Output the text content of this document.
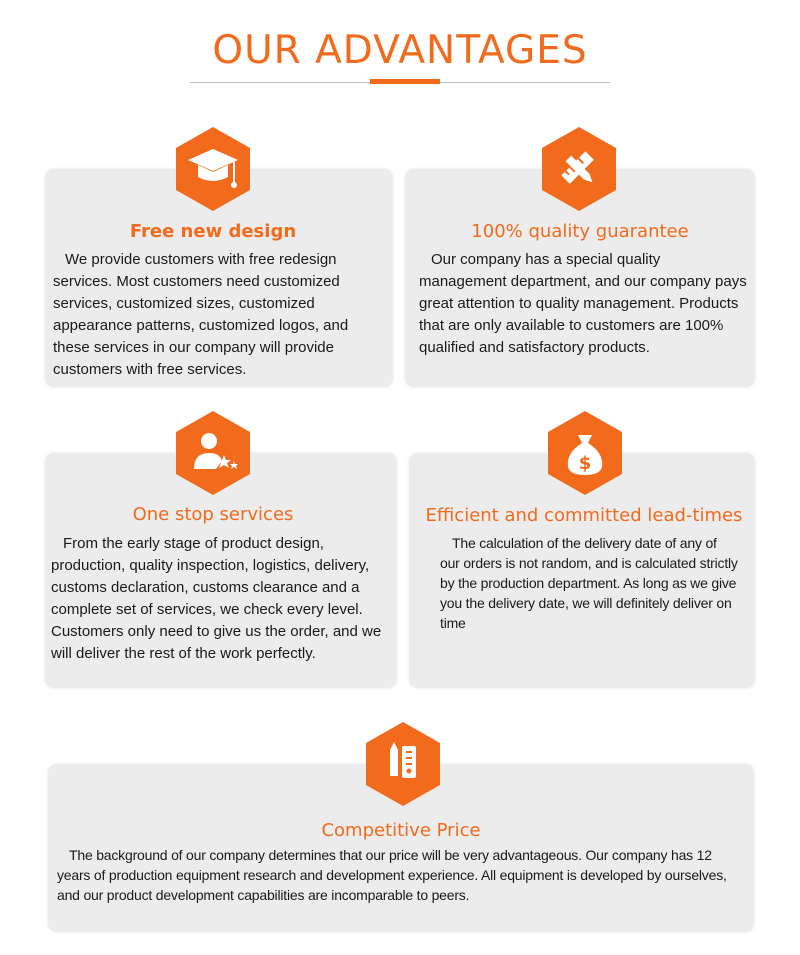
OUR ADVANTAGES
Free new design

We provide customers with free redesign services. Most customers need customized services, customized sizes, customized appearance patterns, customized logos, and these services in our company will provide customers with free services.

100% quality guarantee

Our company has a special quality management department, and our company pays great attention to quality management. Products that are only available to customers are 100% qualified and satisfactory products.

One stop services

From the early stage of product design, production, quality inspection, logistics, delivery, customs declaration, customs clearance and a complete set of services, we check every level. Customers only need to give us the order, and we will deliver the rest of the work perfectly.

$
Efficient and committed lead-times

The calculation of the delivery date of any of our orders is not random, and is calculated strictly by the production department. As long as we give you the delivery date, we will definitely deliver on time

Competitive Price

The background of our company determines that our price will be very advantageous. Our company has 12 years of production equipment research and development experience. All equipment is developed by ourselves, and our product development capabilities are incomparable to peers.
